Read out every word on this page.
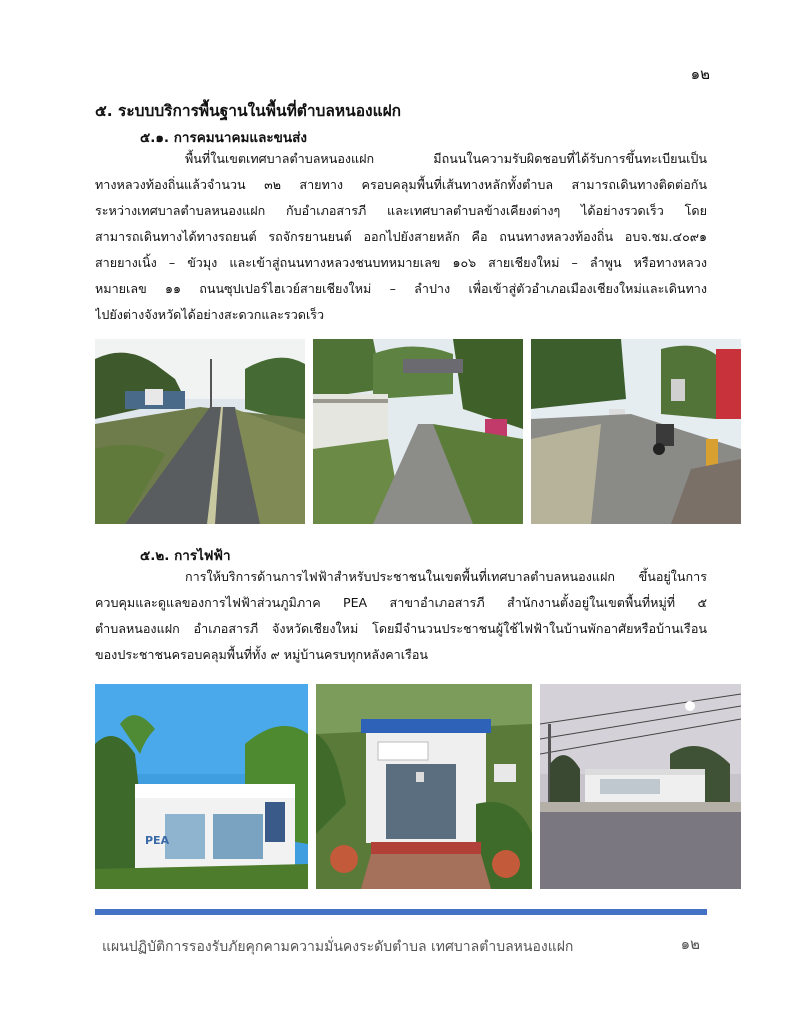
๑๒
๕. ระบบบริการพื้นฐานในพื้นที่ตำบลหนองแฝก
๕.๑. การคมนาคมและขนส่ง
พื้นที่ในเขตเทศบาลตำบลหนองแฝก มีถนนในความรับผิดชอบที่ได้รับการขึ้นทะเบียนเป็น
ทางหลวงท้องถิ่นแล้วจำนวน ๓๒ สายทาง ครอบคลุมพื้นที่เส้นทางหลักทั้งตำบล สามารถเดินทางติดต่อกัน
ระหว่างเทศบาลตำบลหนองแฝก กับอำเภอสารภี และเทศบาลตำบลข้างเคียงต่างๆ ได้อย่างรวดเร็ว โดย
สามารถเดินทางได้ทางรถยนต์ รถจักรยานยนต์ ออกไปยังสายหลัก คือ ถนนทางหลวงท้องถิ่น อบจ.ชม.๔๐๙๑
สายยางเนิ้ง – ขัวมุง และเข้าสู่ถนนทางหลวงชนบทหมายเลข ๑๐๖ สายเชียงใหม่ – ลำพูน หรือทางหลวง
หมายเลข ๑๑ ถนนซุปเปอร์ไฮเวย์สายเชียงใหม่ – ลำปาง เพื่อเข้าสู่ตัวอำเภอเมืองเชียงใหม่และเดินทาง
ไปยังต่างจังหวัดได้อย่างสะดวกและรวดเร็ว
๕.๒. การไฟฟ้า
การให้บริการด้านการไฟฟ้าสำหรับประชาชนในเขตพื้นที่เทศบาลตำบลหนองแฝก ขึ้นอยู่ในการ
ควบคุมและดูแลของการไฟฟ้าส่วนภูมิภาค PEA สาขาอำเภอสารภี สำนักงานตั้งอยู่ในเขตพื้นที่หมู่ที่ ๕
ตำบลหนองแฝก อำเภอสารภี จังหวัดเชียงใหม่ โดยมีจำนวนประชาชนผู้ใช้ไฟฟ้าในบ้านพักอาศัยหรือบ้านเรือน
ของประชาชนครอบคลุมพื้นที่ทั้ง ๙ หมู่บ้านครบทุกหลังคาเรือน
PEA
แผนปฏิบัติการรองรับภัยคุกคามความมั่นคงระดับตำบล เทศบาลตำบลหนองแฝก	๑๒
